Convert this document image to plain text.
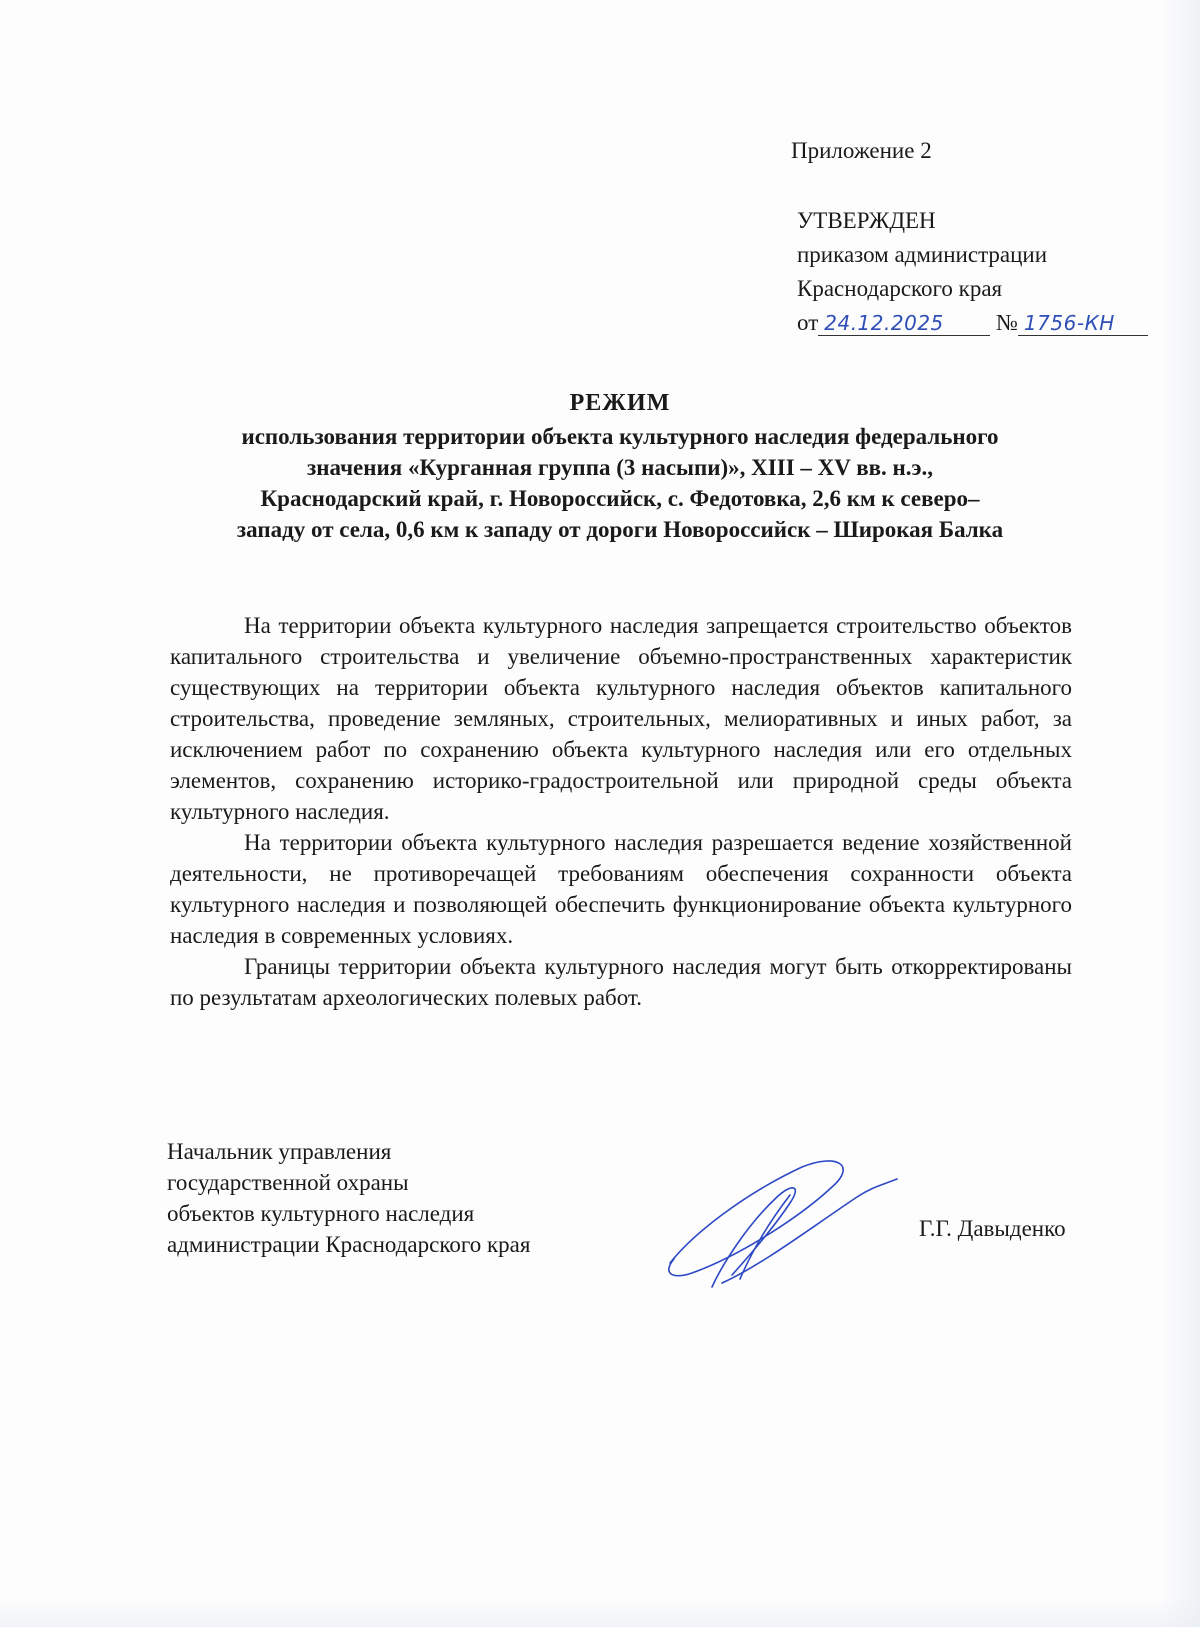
Приложение 2
УТВЕРЖДЕН
приказом администрации
Краснодарского края
от 24.12.2025 № 1756-КН
РЕЖИМ
использования территории объекта культурного наследия федерального
значения «Курганная группа (3 насыпи)», XIII – XV вв. н.э.,
Краснодарский край, г. Новороссийск, с. Федотовка, 2,6 км к северо–
западу от села, 0,6 км к западу от дороги Новороссийск – Широкая Балка

На территории объекта культурного наследия запрещается строительство объектов капитального строительства и увеличение объемно-пространственных характеристик существующих на территории объекта культурного наследия объектов капитального строительства, проведение земляных, строительных, мелиоративных и иных работ, за исключением работ по сохранению объекта культурного наследия или его отдельных элементов, сохранению историко-градостроительной или природной среды объекта культурного наследия.

На территории объекта культурного наследия разрешается ведение хозяйственной деятельности, не противоречащей требованиям обеспечения сохранности объекта культурного наследия и позволяющей обеспечить функционирование объекта культурного наследия в современных условиях.

Границы территории объекта культурного наследия могут быть откорректированы по результатам археологических полевых работ.

Начальник управления
государственной охраны
объектов культурного наследия
администрации Краснодарского края
Г.Г. Давыденко
